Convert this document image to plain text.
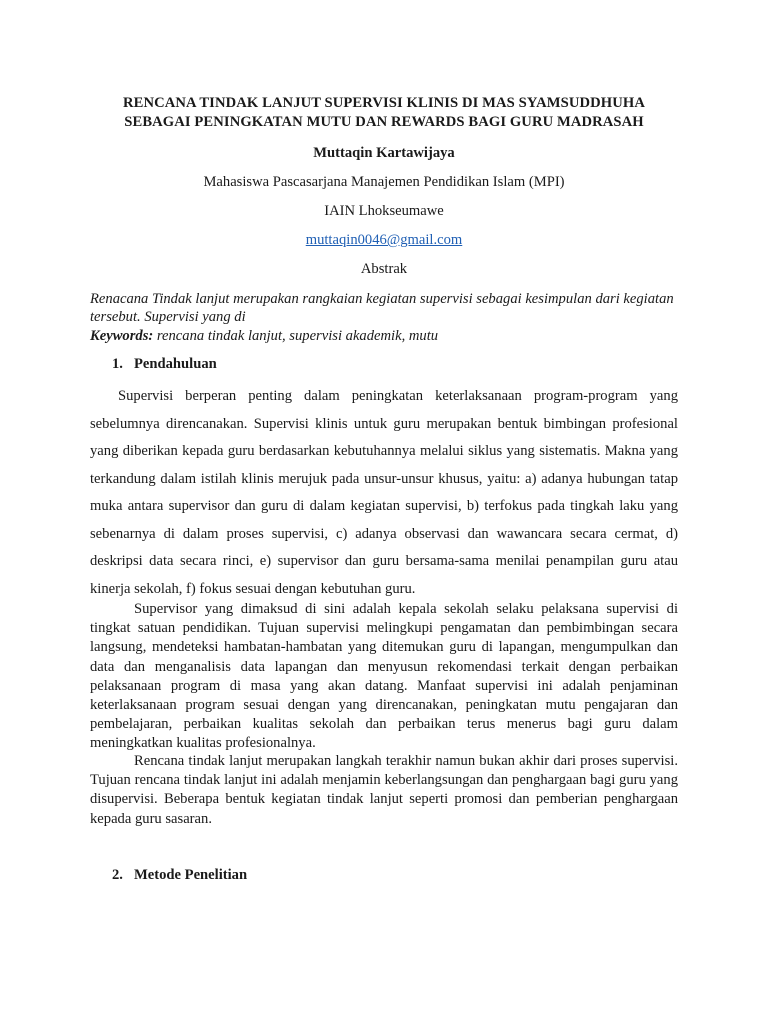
RENCANA TINDAK LANJUT SUPERVISI KLINIS DI MAS SYAMSUDDHUHA
SEBAGAI PENINGKATAN MUTU DAN REWARDS BAGI GURU MADRASAH
Muttaqin Kartawijaya
Mahasiswa Pascasarjana Manajemen Pendidikan Islam (MPI)
IAIN Lhokseumawe
muttaqin0046@gmail.com
Abstrak
Renacana Tindak lanjut merupakan rangkaian kegiatan supervisi sebagai kesimpulan dari kegiatan tersebut. Supervisi yang di
Keywords: rencana tindak lanjut, supervisi akademik, mutu
1. Pendahuluan
Supervisi berperan penting dalam peningkatan keterlaksanaan program-program yang sebelumnya direncanakan. Supervisi klinis untuk guru merupakan bentuk bimbingan profesional yang diberikan kepada guru berdasarkan kebutuhannya melalui siklus yang sistematis. Makna yang terkandung dalam istilah klinis merujuk pada unsur-unsur khusus, yaitu: a) adanya hubungan tatap muka antara supervisor dan guru di dalam kegiatan supervisi, b) terfokus pada tingkah laku yang sebenarnya di dalam proses supervisi, c) adanya observasi dan wawancara secara cermat, d) deskripsi data secara rinci, e) supervisor dan guru bersama-sama menilai penampilan guru atau kinerja sekolah, f) fokus sesuai dengan kebutuhan guru.
Supervisor yang dimaksud di sini adalah kepala sekolah selaku pelaksana supervisi di tingkat satuan pendidikan. Tujuan supervisi melingkupi pengamatan dan pembimbingan secara langsung, mendeteksi hambatan-hambatan yang ditemukan guru di lapangan, mengumpulkan dan data dan menganalisis data lapangan dan menyusun rekomendasi terkait dengan perbaikan pelaksanaan program di masa yang akan datang. Manfaat supervisi ini adalah penjaminan keterlaksanaan program sesuai dengan yang direncanakan, peningkatan mutu pengajaran dan pembelajaran, perbaikan kualitas sekolah dan perbaikan terus menerus bagi guru dalam meningkatkan kualitas profesionalnya.
Rencana tindak lanjut merupakan langkah terakhir namun bukan akhir dari proses supervisi. Tujuan rencana tindak lanjut ini adalah menjamin keberlangsungan dan penghargaan bagi guru yang disupervisi. Beberapa bentuk kegiatan tindak lanjut seperti promosi dan pemberian penghargaan kepada guru sasaran.
2. Metode Penelitian
